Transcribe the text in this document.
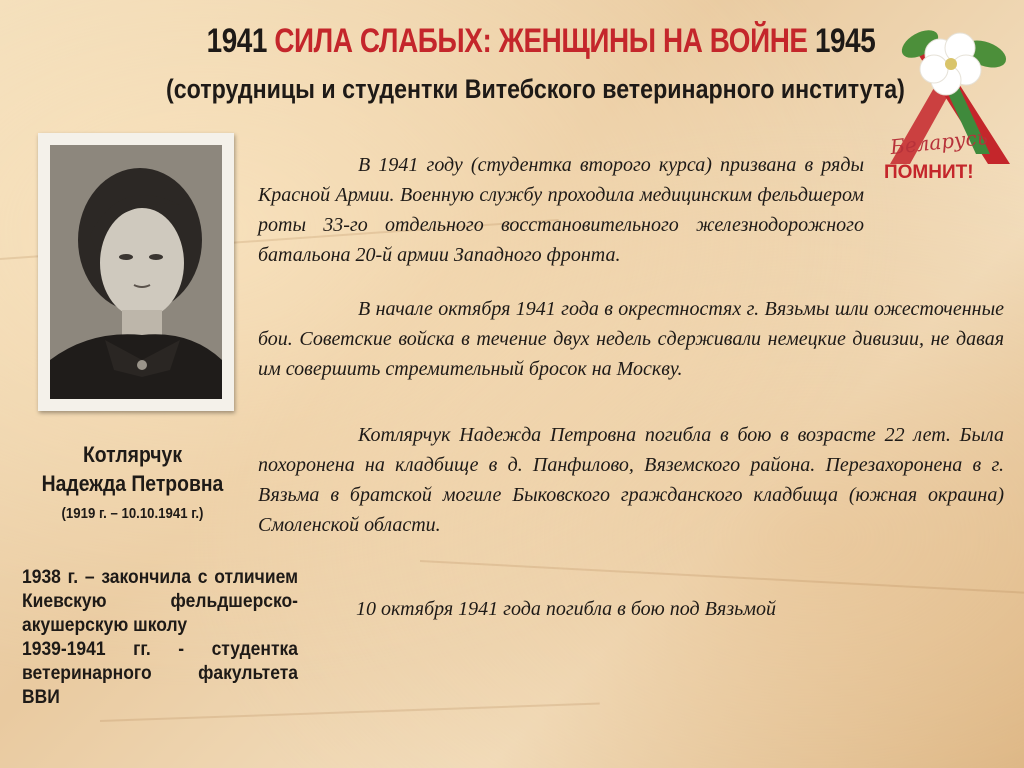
1941 СИЛА СЛАБЫХ: ЖЕНЩИНЫ НА ВОЙНЕ 1945
(сотрудницы и студентки Витебского ветеринарного института)
Беларусь
ПОМНИТ!
Котлярчук
Надежда Петровна
(1919 г. – 10.10.1941 г.)
1938 г. – закончила с отличием Киевскую фельдшерско-акушерскую школу
1939-1941 гг. - студентка ветеринарного факультета ВВИ
В 1941 году (студентка второго курса) призвана в ряды Красной Армии. Военную службу проходила медицинским фельдшером роты 33-го отдельного восстановительного железнодорожного батальона 20-й армии Западного фронта.
В начале октября 1941 года в окрестностях г. Вязьмы шли ожесточенные бои. Советские войска в течение двух недель сдерживали немецкие дивизии, не давая им совершить стремительный бросок на Москву.
Котлярчук Надежда Петровна погибла в бою в возрасте 22 лет. Была похоронена на кладбище в д. Панфилово, Вяземского района. Перезахоронена в г. Вязьма в братской могиле Быковского гражданского кладбища (южная окраина) Смоленской области.
10 октября 1941 года погибла в бою под Вязьмой
